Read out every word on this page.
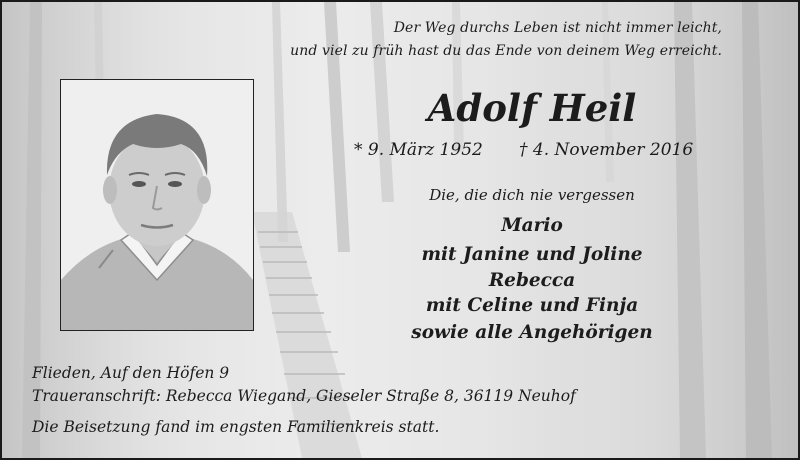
Der Weg durchs Leben ist nicht immer leicht,
und viel zu früh hast du das Ende von deinem Weg erreicht.
Adolf Heil
* 9. März 1952 † 4. November 2016
Die, die dich nie vergessen
Mario
mit Janine und Joline
Rebecca
mit Celine und Finja
sowie alle Angehörigen
Flieden, Auf den Höfen 9
Traueranschrift: Rebecca Wiegand, Gieseler Straße 8, 36119 Neuhof
Die Beisetzung fand im engsten Familienkreis statt.
